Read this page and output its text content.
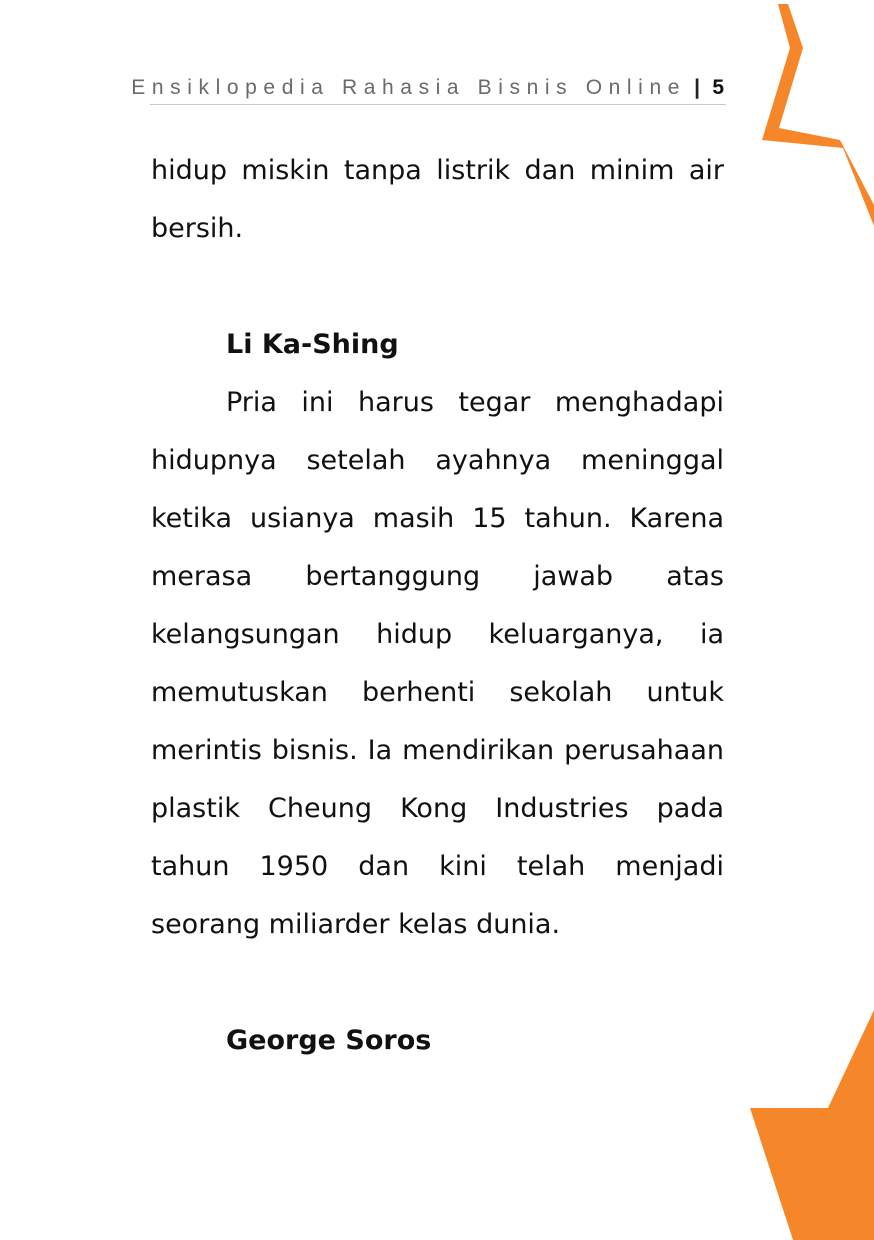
Ensiklopedia Rahasia Bisnis Online | 5

hidup miskin tanpa listrik dan minim air bersih.

Li Ka-Shing

Pria ini harus tegar menghadapi hidupnya setelah ayahnya meninggal ketika usianya masih 15 tahun. Karena merasa bertanggung jawab atas kelangsungan hidup keluarganya, ia memutuskan berhenti sekolah untuk merintis bisnis. Ia mendirikan perusahaan plastik Cheung Kong Industries pada tahun 1950 dan kini telah menjadi seorang miliarder kelas dunia.

George Soros
